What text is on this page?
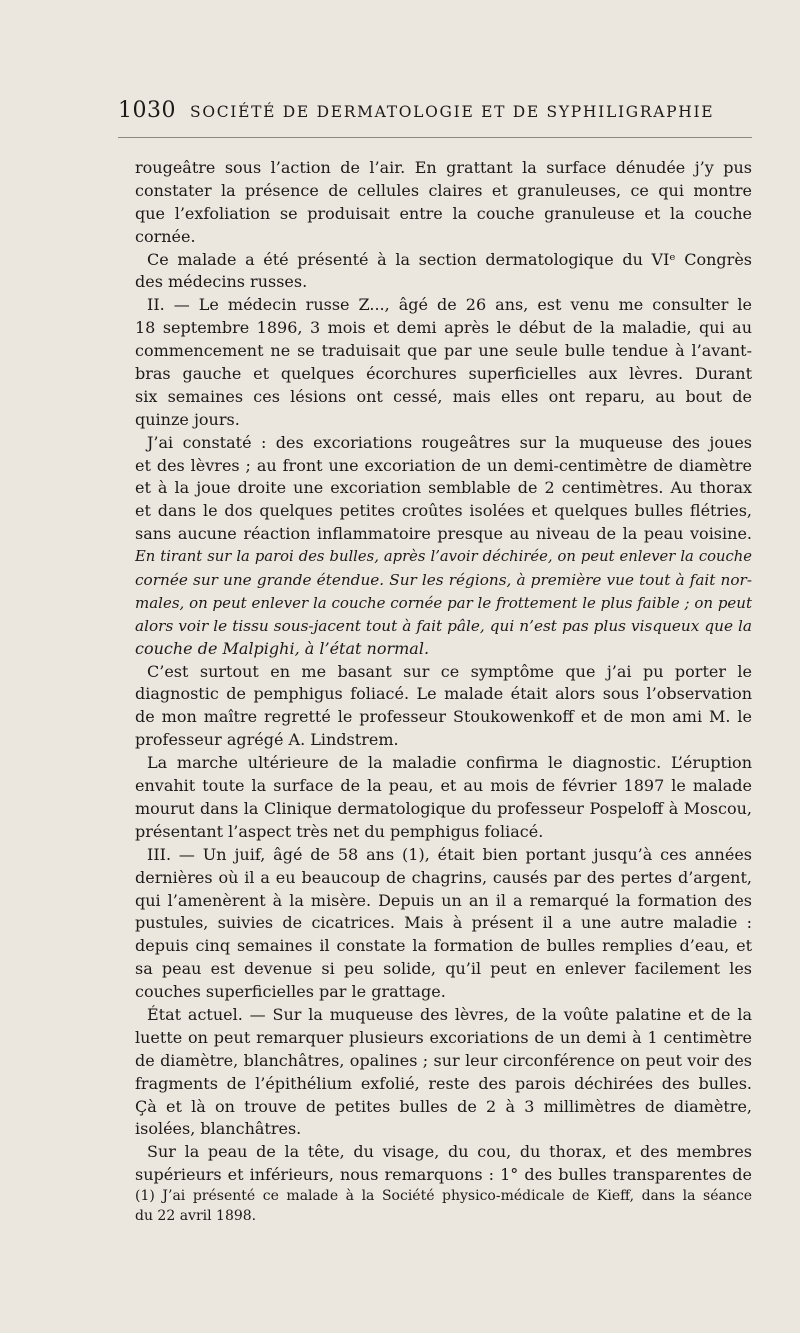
1030 SOCIÉTÉ DE DERMATOLOGIE ET DE SYPHILIGRAPHIE
rougeâtre sous l’action de l’air. En grattant la surface dénudée j’y pus
constater la présence de cellules claires et granuleuses, ce qui montre
que l’exfoliation se produisait entre la couche granuleuse et la couche
cornée.
Ce malade a été présenté à la section dermatologique du VIᵉ Congrès
des médecins russes.
II. — Le médecin russe Z..., âgé de 26 ans, est venu me consulter le
18 septembre 1896, 3 mois et demi après le début de la maladie, qui au
commencement ne se traduisait que par une seule bulle tendue à l’avant-
bras gauche et quelques écorchures superficielles aux lèvres. Durant
six semaines ces lésions ont cessé, mais elles ont reparu, au bout de
quinze jours.
J’ai constaté : des excoriations rougeâtres sur la muqueuse des joues
et des lèvres ; au front une excoriation de un demi-centimètre de diamètre
et à la joue droite une excoriation semblable de 2 centimètres. Au thorax
et dans le dos quelques petites croûtes isolées et quelques bulles flétries,
sans aucune réaction inflammatoire presque au niveau de la peau voisine.
En tirant sur la paroi des bulles, après l’avoir déchirée, on peut enlever la couche
cornée sur une grande étendue. Sur les régions, à première vue tout à fait nor-
males, on peut enlever la couche cornée par le frottement le plus faible ; on peut
alors voir le tissu sous-jacent tout à fait pâle, qui n’est pas plus visqueux que la
couche de Malpighi, à l’état normal.
C’est surtout en me basant sur ce symptôme que j’ai pu porter le
diagnostic de pemphigus foliacé. Le malade était alors sous l’observation
de mon maître regretté le professeur Stoukowenkoff et de mon ami M. le
professeur agrégé A. Lindstrem.
La marche ultérieure de la maladie confirma le diagnostic. L’éruption
envahit toute la surface de la peau, et au mois de février 1897 le malade
mourut dans la Clinique dermatologique du professeur Pospeloff à Moscou,
présentant l’aspect très net du pemphigus foliacé.
III. — Un juif, âgé de 58 ans (1), était bien portant jusqu’à ces années
dernières où il a eu beaucoup de chagrins, causés par des pertes d’argent,
qui l’amenèrent à la misère. Depuis un an il a remarqué la formation des
pustules, suivies de cicatrices. Mais à présent il a une autre maladie :
depuis cinq semaines il constate la formation de bulles remplies d’eau, et
sa peau est devenue si peu solide, qu’il peut en enlever facilement les
couches superficielles par le grattage.
État actuel. — Sur la muqueuse des lèvres, de la voûte palatine et de la
luette on peut remarquer plusieurs excoriations de un demi à 1 centimètre
de diamètre, blanchâtres, opalines ; sur leur circonférence on peut voir des
fragments de l’épithélium exfolié, reste des parois déchirées des bulles.
Çà et là on trouve de petites bulles de 2 à 3 millimètres de diamètre,
isolées, blanchâtres.
Sur la peau de la tête, du visage, du cou, du thorax, et des membres
supérieurs et inférieurs, nous remarquons : 1° des bulles transparentes de
(1) J’ai présenté ce malade à la Société physico-médicale de Kieff, dans la séance
du 22 avril 1898.
